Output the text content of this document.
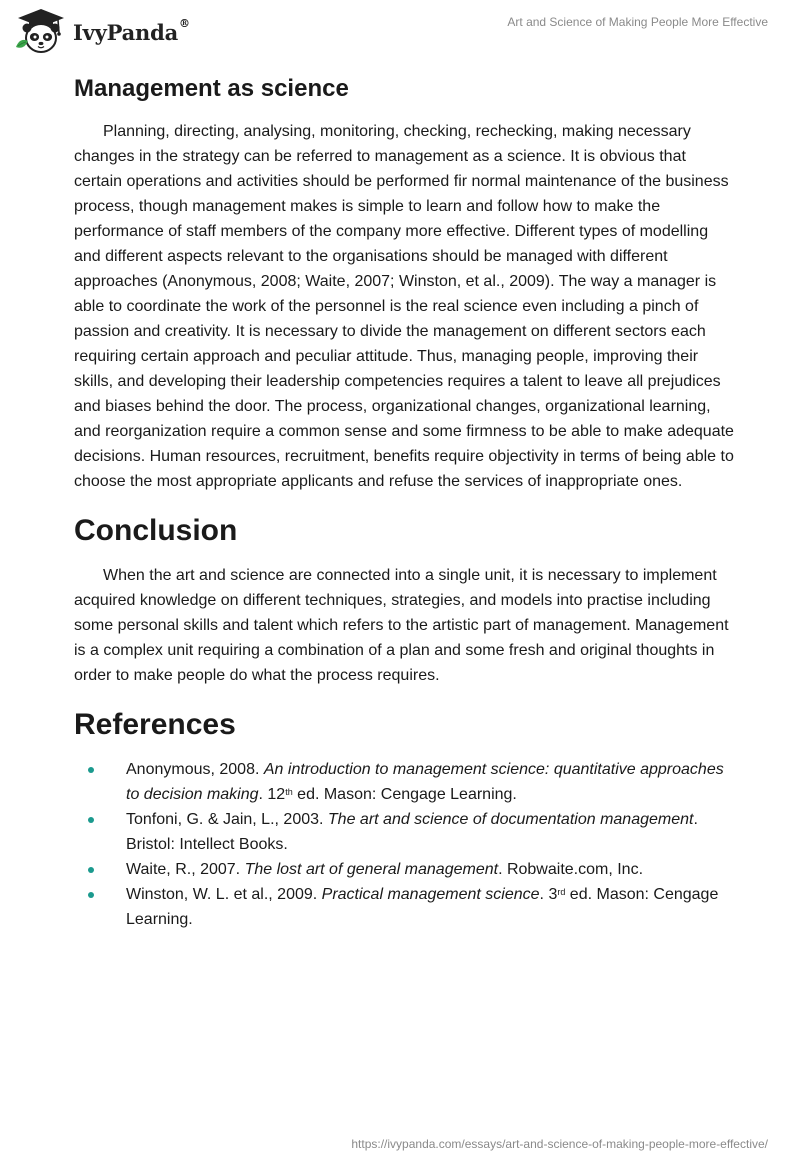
IvyPanda®	Art and Science of Making People More Effective
Management as science

Planning, directing, analysing, monitoring, checking, rechecking, making necessary changes in the strategy can be referred to management as a science. It is obvious that certain operations and activities should be performed fir normal maintenance of the business process, though management makes is simple to learn and follow how to make the performance of staff members of the company more effective. Different types of modelling and different aspects relevant to the organisations should be managed with different approaches (Anonymous, 2008; Waite, 2007; Winston, et al., 2009). The way a manager is able to coordinate the work of the personnel is the real science even including a pinch of passion and creativity. It is necessary to divide the management on different sectors each requiring certain approach and peculiar attitude. Thus, managing people, improving their skills, and developing their leadership competencies requires a talent to leave all prejudices and biases behind the door. The process, organizational changes, organizational learning, and reorganization require a common sense and some firmness to be able to make adequate decisions. Human resources, recruitment, benefits require objectivity in terms of being able to choose the most appropriate applicants and refuse the services of inappropriate ones.

Conclusion

When the art and science are connected into a single unit, it is necessary to implement acquired knowledge on different techniques, strategies, and models into practise including some personal skills and talent which refers to the artistic part of management. Management is a complex unit requiring a combination of a plan and some fresh and original thoughts in order to make people do what the process requires.

References
Anonymous, 2008. An introduction to management science: quantitative approaches to decision making. 12th ed. Mason: Cengage Learning.
Tonfoni, G. & Jain, L., 2003. The art and science of documentation management. Bristol: Intellect Books.
Waite, R., 2007. The lost art of general management. Robwaite.com, Inc.
Winston, W. L. et al., 2009. Practical management science. 3rd ed. Mason: Cengage Learning.
https://ivypanda.com/essays/art-and-science-of-making-people-more-effective/
